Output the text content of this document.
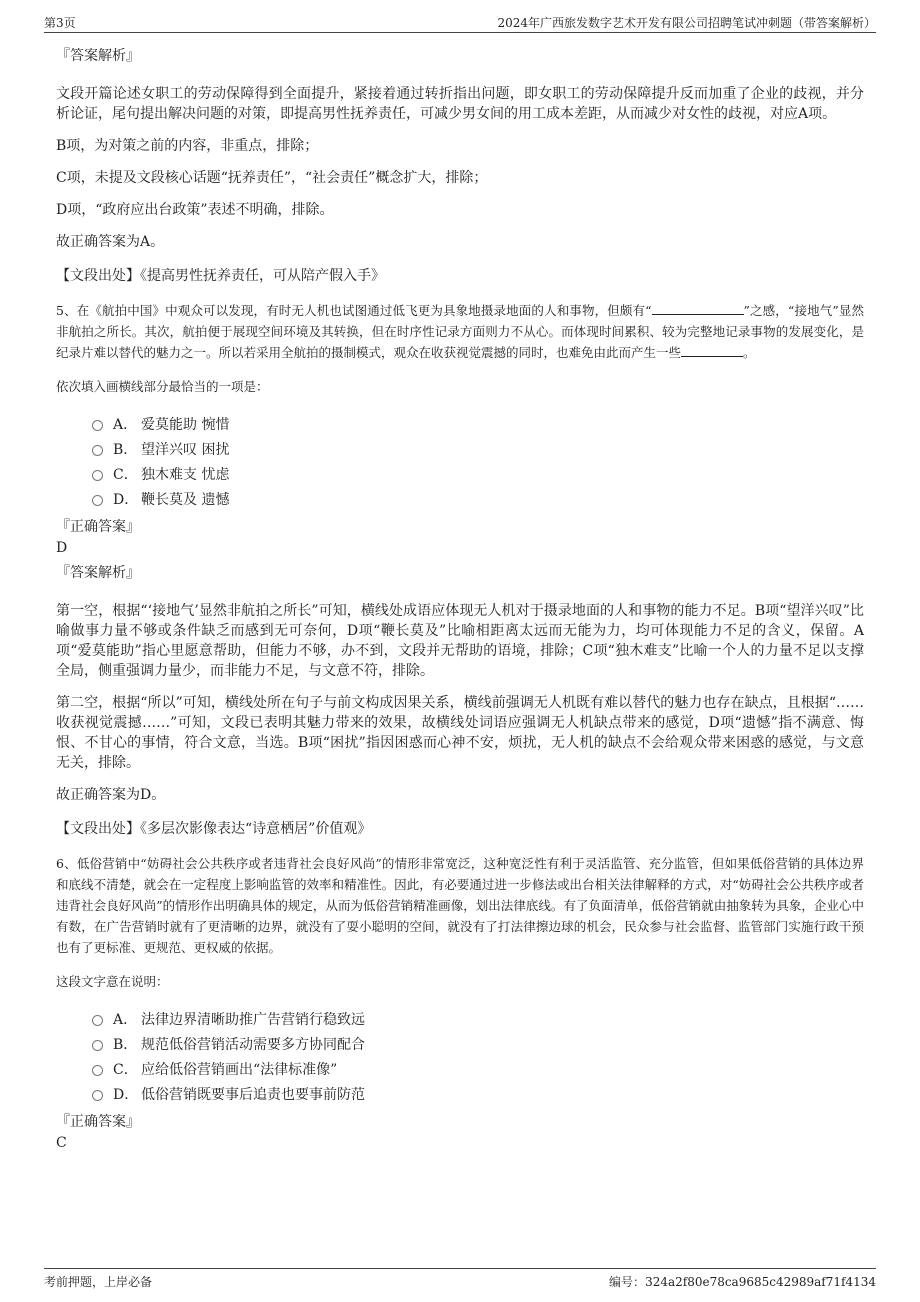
第3页	2024年广西旅发数字艺术开发有限公司招聘笔试冲刺题（带答案解析）
『答案解析』

文段开篇论述女职工的劳动保障得到全面提升，紧接着通过转折指出问题，即女职工的劳动保障提升反而加重了企业的歧视，并分析论证，尾句提出解决问题的对策，即提高男性抚养责任，可减少男女间的用工成本差距，从而减少对女性的歧视，对应A项。

B项，为对策之前的内容，非重点，排除；

C项，未提及文段核心话题“抚养责任”，“社会责任”概念扩大，排除；

D项，“政府应出台政策”表述不明确，排除。

故正确答案为A。

【文段出处】《提高男性抚养责任，可从陪产假入手》

5、在《航拍中国》中观众可以发现，有时无人机也试图通过低飞更为具象地摄录地面的人和事物，但颇有“	”之感，“接地气”显然非航拍之所长。其次，航拍便于展现空间环境及其转换，但在时序性记录方面则力不从心。而体现时间累积、较为完整地记录事物的发展变化，是纪录片难以替代的魅力之一。所以若采用全航拍的摄制模式，观众在收获视觉震撼的同时，也难免由此而产生一些	。

依次填入画横线部分最恰当的一项是：
A． 爱莫能助 惋惜
B． 望洋兴叹 困扰
C． 独木难支 忧虑
D． 鞭长莫及 遗憾
『正确答案』
D
『答案解析』

第一空，根据“‘接地气’显然非航拍之所长”可知，横线处成语应体现无人机对于摄录地面的人和事物的能力不足。B项“望洋兴叹”比喻做事力量不够或条件缺乏而感到无可奈何，D项“鞭长莫及”比喻相距离太远而无能为力，均可体现能力不足的含义，保留。A项“爱莫能助”指心里愿意帮助，但能力不够，办不到，文段并无帮助的语境，排除；C项“独木难支”比喻一个人的力量不足以支撑全局，侧重强调力量少，而非能力不足，与文意不符，排除。

第二空，根据“所以”可知，横线处所在句子与前文构成因果关系，横线前强调无人机既有难以替代的魅力也存在缺点，且根据“……收获视觉震撼……”可知，文段已表明其魅力带来的效果，故横线处词语应强调无人机缺点带来的感觉，D项“遗憾”指不满意、悔恨、不甘心的事情，符合文意，当选。B项“困扰”指因困惑而心神不安，烦扰，无人机的缺点不会给观众带来困惑的感觉，与文意无关，排除。

故正确答案为D。

【文段出处】《多层次影像表达“诗意栖居”价值观》

6、低俗营销中“妨碍社会公共秩序或者违背社会良好风尚”的情形非常宽泛，这种宽泛性有利于灵活监管、充分监管，但如果低俗营销的具体边界和底线不清楚，就会在一定程度上影响监管的效率和精准性。因此，有必要通过进一步修法或出台相关法律解释的方式，对“妨碍社会公共秩序或者违背社会良好风尚”的情形作出明确具体的规定，从而为低俗营销精准画像，划出法律底线。有了负面清单，低俗营销就由抽象转为具象，企业心中有数，在广告营销时就有了更清晰的边界，就没有了耍小聪明的空间，就没有了打法律擦边球的机会，民众参与社会监督、监管部门实施行政干预也有了更标准、更规范、更权威的依据。

这段文字意在说明：
A． 法律边界清晰助推广告营销行稳致远
B． 规范低俗营销活动需要多方协同配合
C． 应给低俗营销画出“法律标准像”
D． 低俗营销既要事后追责也要事前防范
『正确答案』
C
考前押题，上岸必备	编号：324a2f80e78ca9685c42989af71f4134
